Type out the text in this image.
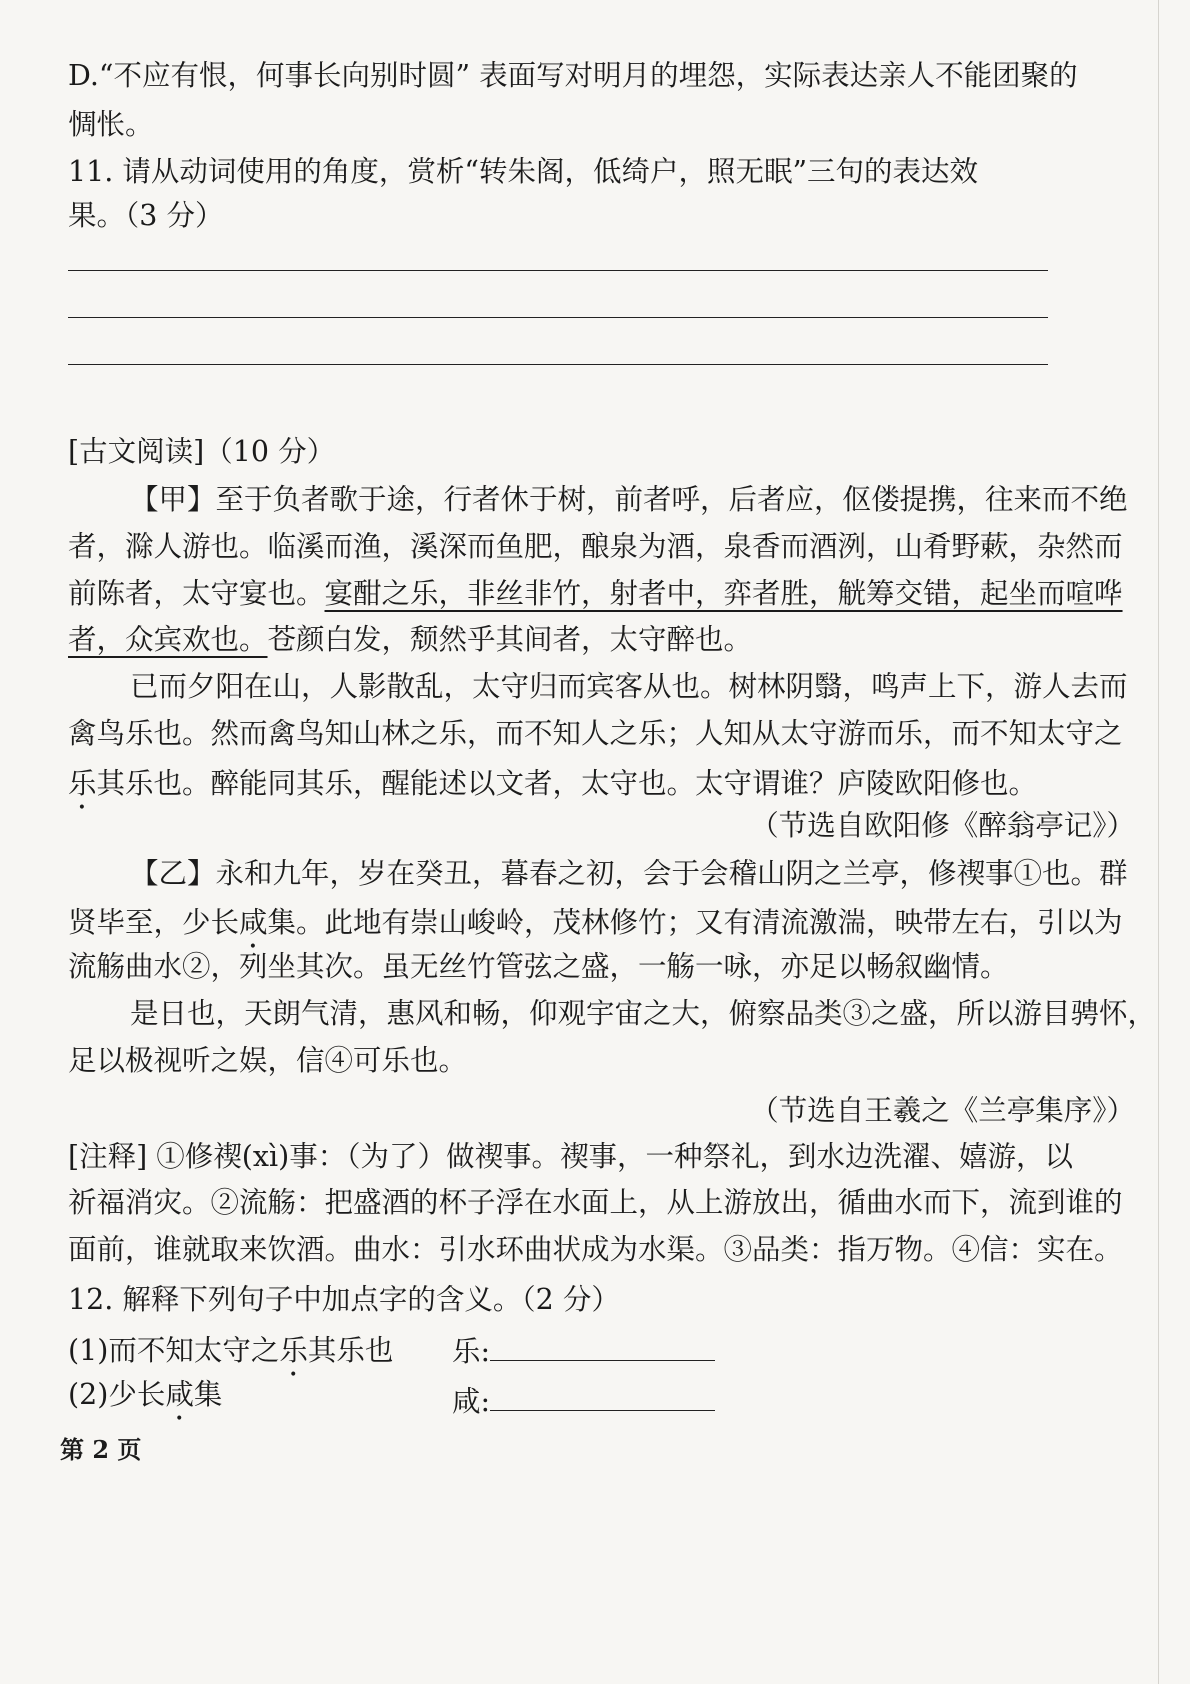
D.“不应有恨，何事长向别时圆” 表面写对明月的埋怨，实际表达亲人不能团聚的
惆怅。
11. 请从动词使用的角度，赏析“转朱阁，低绮户，照无眠”三句的表达效
果。（3 分）
[古文阅读]（10 分）
【甲】至于负者歌于途，行者休于树，前者呼，后者应，伛偻提携，往来而不绝
者，滁人游也。临溪而渔，溪深而鱼肥，酿泉为酒，泉香而酒洌，山肴野蔌，杂然而
前陈者，太守宴也。宴酣之乐，非丝非竹，射者中，弈者胜，觥筹交错，起坐而喧哗
者，众宾欢也。苍颜白发，颓然乎其间者，太守醉也。
已而夕阳在山，人影散乱，太守归而宾客从也。树林阴翳，鸣声上下，游人去而
禽鸟乐也。然而禽鸟知山林之乐，而不知人之乐；人知从太守游而乐，而不知太守之
乐其乐也。醉能同其乐，醒能述以文者，太守也。太守谓谁？庐陵欧阳修也。
（节选自欧阳修《醉翁亭记》）
【乙】永和九年，岁在癸丑，暮春之初，会于会稽山阴之兰亭，修禊事①也。群
贤毕至，少长咸集。此地有崇山峻岭，茂林修竹；又有清流激湍，映带左右，引以为
流觞曲水②，列坐其次。虽无丝竹管弦之盛，一觞一咏，亦足以畅叙幽情。
是日也，天朗气清，惠风和畅，仰观宇宙之大，俯察品类③之盛，所以游目骋怀，
足以极视听之娱，信④可乐也。
（节选自王羲之《兰亭集序》）
[注释] ①修禊(xì)事：（为了）做禊事。禊事，一种祭礼，到水边洗濯、嬉游，以
祈福消灾。②流觞：把盛酒的杯子浮在水面上，从上游放出，循曲水而下，流到谁的
面前，谁就取来饮酒。曲水：引水环曲状成为水渠。③品类：指万物。④信：实在。
12. 解释下列句子中加点字的含义。（2 分）
(1)而不知太守之乐其乐也	乐:
(2)少长咸集	咸:
第 2 页
